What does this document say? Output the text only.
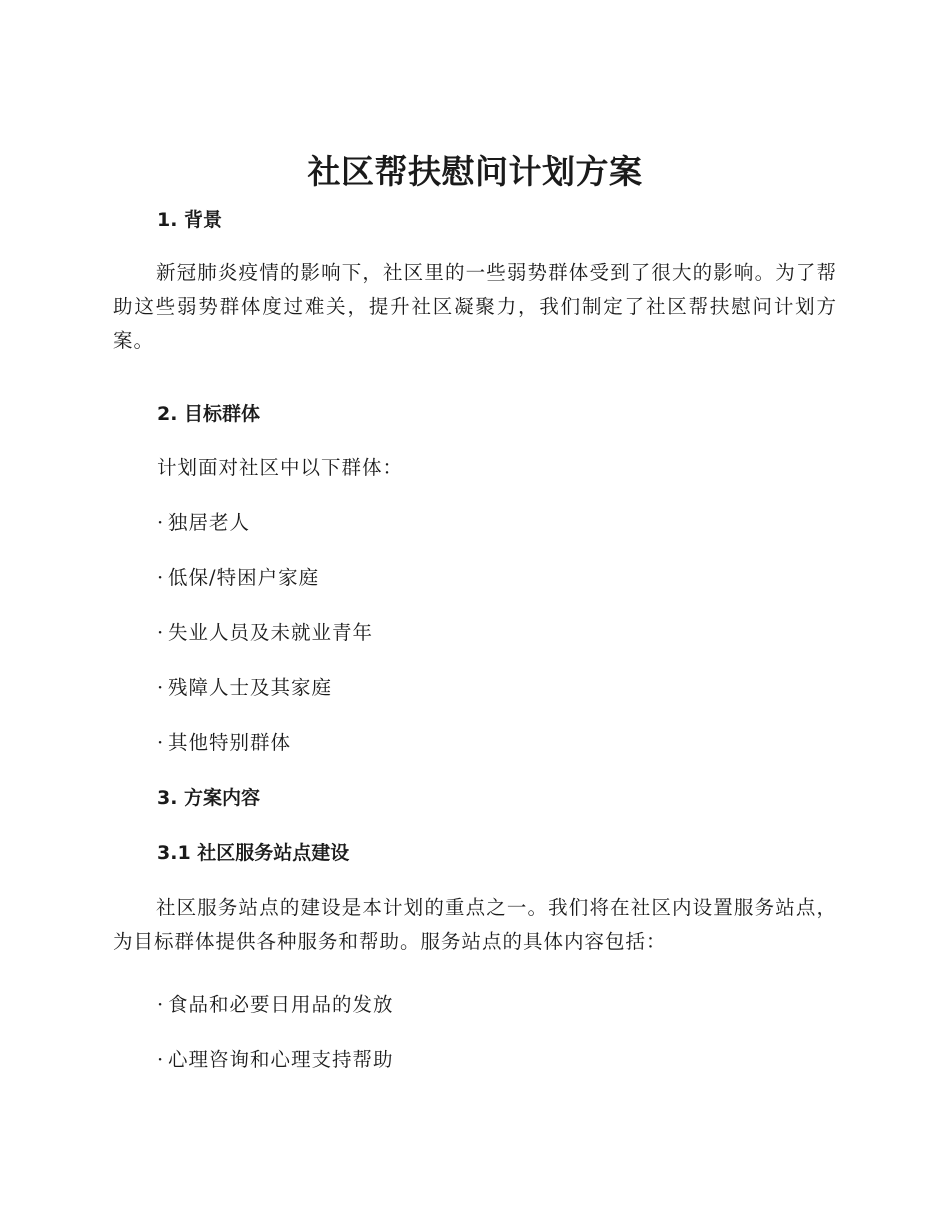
社区帮扶慰问计划方案
1. 背景

新冠肺炎疫情的影响下，社区里的一些弱势群体受到了很大的影响。为了帮助这些弱势群体度过难关，提升社区凝聚力，我们制定了社区帮扶慰问计划方案。

2. 目标群体

计划面对社区中以下群体：

· 独居老人
· 低保/特困户家庭
· 失业人员及未就业青年
· 残障人士及其家庭
· 其他特别群体
3. 方案内容
3.1 社区服务站点建设

社区服务站点的建设是本计划的重点之一。我们将在社区内设置服务站点，为目标群体提供各种服务和帮助。服务站点的具体内容包括：

· 食品和必要日用品的发放
· 心理咨询和心理支持帮助
